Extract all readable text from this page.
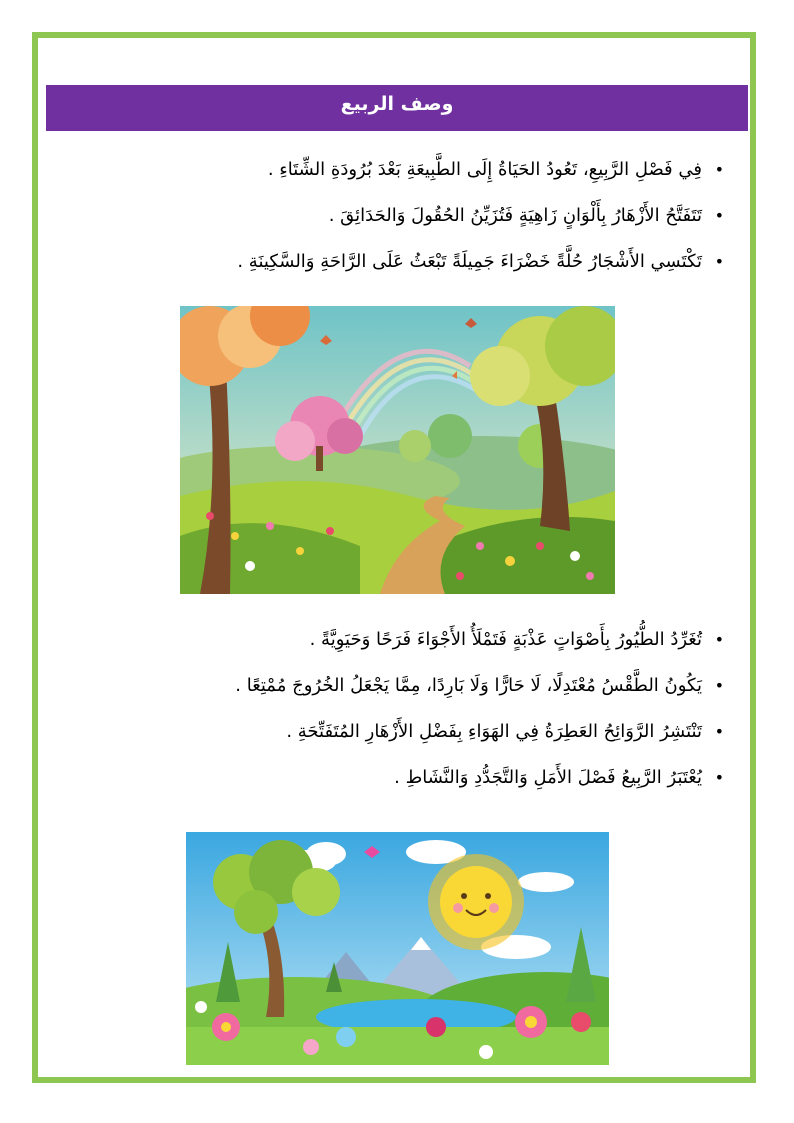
وصف الربيع
• فِي فَصْلِ الرَّبِيعِ، تَعُودُ الحَيَاةُ إِلَى الطَّبِيعَةِ بَعْدَ بُرُودَةِ الشِّتَاءِ .
• تَتَفَتَّحُ الأَزْهَارُ بِأَلْوَانٍ زَاهِيَةٍ فَتُزَيِّنُ الحُقُولَ وَالحَدَائِقَ .
• تَكْتَسِي الأَشْجَارُ حُلَّةً خَضْرَاءَ جَمِيلَةً تَبْعَثُ عَلَى الرَّاحَةِ وَالسَّكِينَةِ .
• تُغَرِّدُ الطُّيُورُ بِأَصْوَاتٍ عَذْبَةٍ فَتَمْلَأُ الأَجْوَاءَ فَرَحًا وَحَيَوِيَّةً .
• يَكُونُ الطَّقْسُ مُعْتَدِلًا، لَا حَارًّا وَلَا بَارِدًا، مِمَّا يَجْعَلُ الخُرُوجَ مُمْتِعًا .
• تَنْتَشِرُ الرَّوَائِحُ العَطِرَةُ فِي الهَوَاءِ بِفَضْلِ الأَزْهَارِ المُتَفَتِّحَةِ .
• يُعْتَبَرُ الرَّبِيعُ فَصْلَ الأَمَلِ وَالتَّجَدُّدِ وَالنَّشَاطِ .
